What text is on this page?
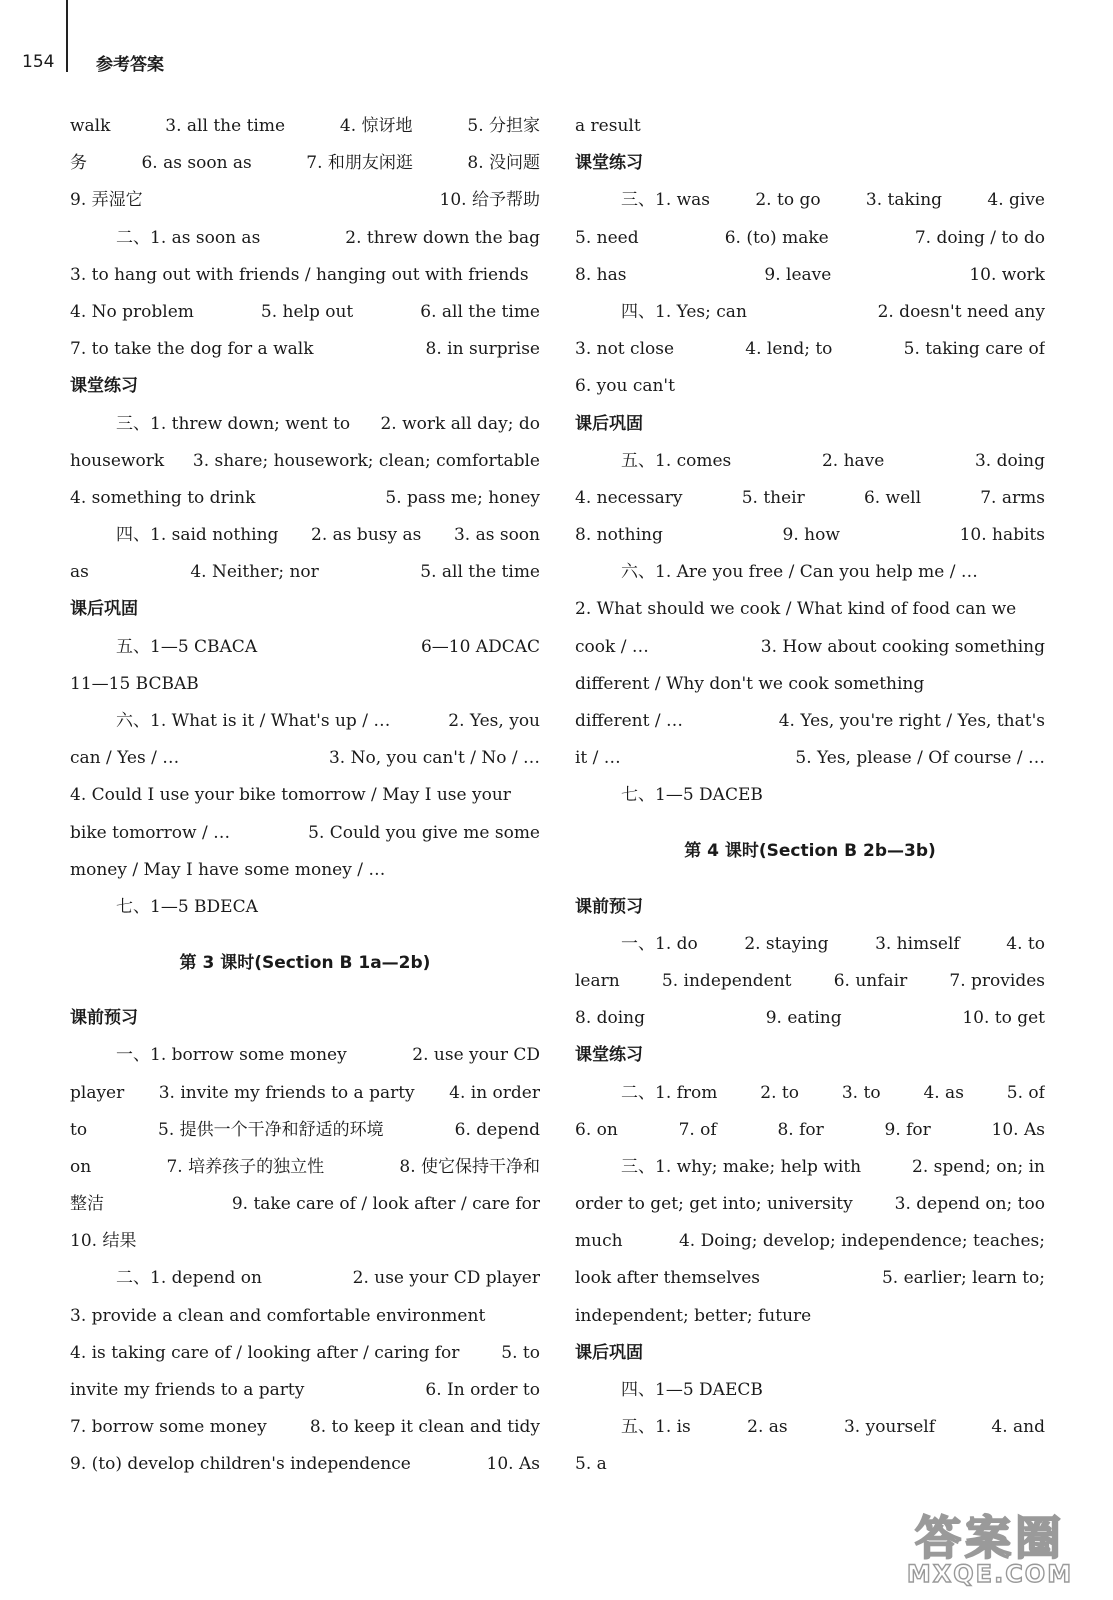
154 参考答案
walk	3. all the time	4. 惊讶地	5. 分担家
务	6. as soon as	7. 和朋友闲逛	8. 没问题
9. 弄湿它	10. 给予帮助
二、1. as soon as	2. threw down the bag
3. to hang out with friends / hanging out with friends
4. No problem	5. help out	6. all the time
7. to take the dog for a walk	8. in surprise
课堂练习
三、1. threw down; went to 2. work all day; do
housework 3. share; housework; clean; comfortable
4. something to drink	5. pass me; honey
四、1. said nothing 2. as busy as 3. as soon
as	4. Neither; nor	5. all the time
课后巩固
五、1—5 CBACA	6—10 ADCAC
11—15 BCBAB
六、1. What is it / What's up / …	2. Yes, you
can / Yes / …	3. No, you can't / No / …
4. Could I use your bike tomorrow / May I use your
bike tomorrow / …	5. Could you give me some
money / May I have some money / …
七、1—5 BDECA
第 3 课时(Section B 1a—2b)
课前预习
一、1. borrow some money	2. use your CD
player 3. invite my friends to a party 4. in order
to	5. 提供一个干净和舒适的环境	6. depend
on	7. 培养孩子的独立性	8. 使它保持干净和
整洁	9. take care of / look after / care for
10. 结果
二、1. depend on	2. use your CD player
3. provide a clean and comfortable environment
4. is taking care of / looking after / caring for 5. to
invite my friends to a party	6. In order to
7. borrow some money	8. to keep it clean and tidy
9. (to) develop children's independence	10. As
a result
课堂练习
三、1. was	2. to go	3. taking	4. give
5. need	6. (to) make	7. doing / to do
8. has	9. leave	10. work
四、1. Yes; can	2. doesn't need any
3. not close	4. lend; to	5. taking care of
6. you can't
课后巩固
五、1. comes	2. have	3. doing
4. necessary	5. their	6. well	7. arms
8. nothing	9. how	10. habits
六、1. Are you free / Can you help me / …
2. What should we cook / What kind of food can we
cook / …	3. How about cooking something
different / Why don't we cook something
different / …	4. Yes, you're right / Yes, that's
it / …	5. Yes, please / Of course / …
七、1—5 DACEB
第 4 课时(Section B 2b—3b)
课前预习
一、1. do	2. staying	3. himself	4. to
learn 5. independent 6. unfair 7. provides
8. doing	9. eating	10. to get
课堂练习
二、1. from	2. to	3. to	4. as	5. of
6. on	7. of	8. for	9. for	10. As
三、1. why; make; help with	2. spend; on; in
order to get; get into; university 3. depend on; too
much	4. Doing; develop; independence; teaches;
look after themselves	5. earlier; learn to;
independent; better; future
课后巩固
四、1—5 DAECB
五、1. is	2. as	3. yourself	4. and
5. a
答案圈
MXQE.COM
